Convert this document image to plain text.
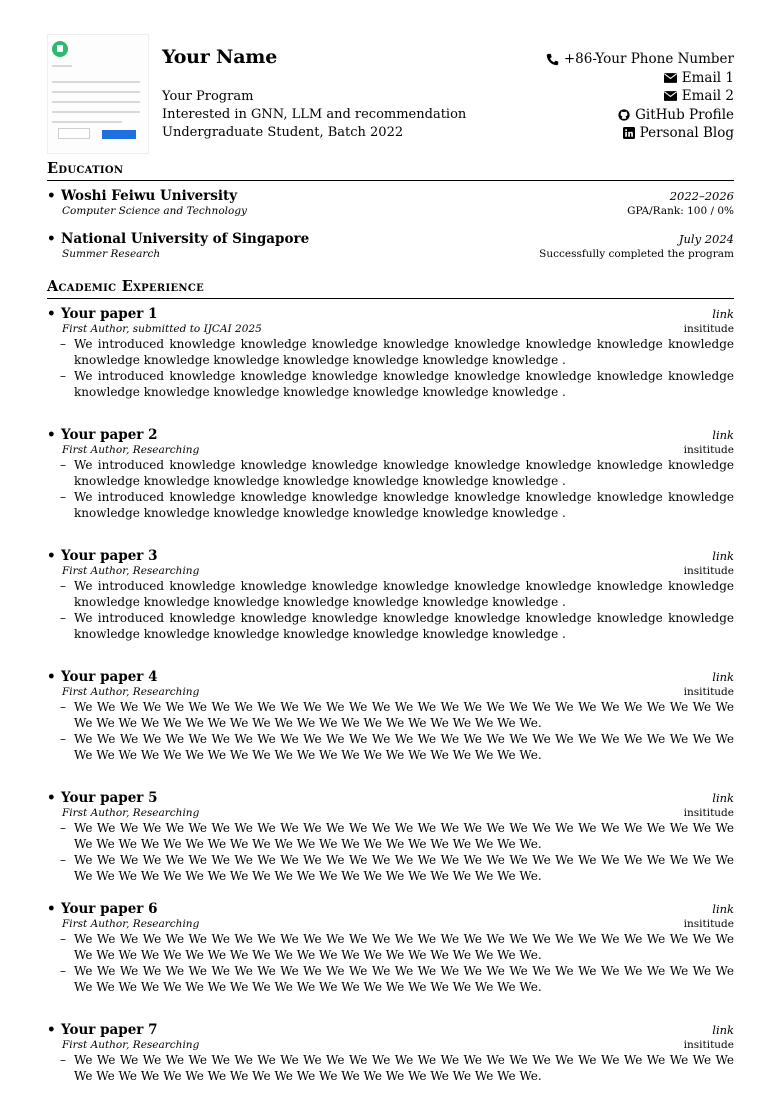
Your Name
Your Program
Interested in GNN, LLM and recommendation
Undergraduate Student, Batch 2022
+86-Your Phone Number
Email 1
Email 2
GitHub Profile
Personal Blog
Education
• Woshi Feiwu University	2022–2026
Computer Science and Technology	GPA/Rank: 100 / 0%
• National University of Singapore	July 2024
Summer Research	Successfully completed the program
Academic Experience
• Your paper 1	link
First Author, submitted to IJCAI 2025	insititude
– We introduced knowledge knowledge knowledge knowledge knowledge knowledge knowledge knowledge knowledge knowledge knowledge knowledge knowledge knowledge knowledge .
– We introduced knowledge knowledge knowledge knowledge knowledge knowledge knowledge knowledge knowledge knowledge knowledge knowledge knowledge knowledge knowledge .
• Your paper 2	link
First Author, Researching	insititude
– We introduced knowledge knowledge knowledge knowledge knowledge knowledge knowledge knowledge knowledge knowledge knowledge knowledge knowledge knowledge knowledge .
– We introduced knowledge knowledge knowledge knowledge knowledge knowledge knowledge knowledge knowledge knowledge knowledge knowledge knowledge knowledge knowledge .
• Your paper 3	link
First Author, Researching	insititude
– We introduced knowledge knowledge knowledge knowledge knowledge knowledge knowledge knowledge knowledge knowledge knowledge knowledge knowledge knowledge knowledge .
– We introduced knowledge knowledge knowledge knowledge knowledge knowledge knowledge knowledge knowledge knowledge knowledge knowledge knowledge knowledge knowledge .
• Your paper 4	link
First Author, Researching	insititude
– We We We We We We We We We We We We We We We We We We We We We We We We We We We We We We We We We We We We We We We We We We We We We We We We We We.
– We We We We We We We We We We We We We We We We We We We We We We We We We We We We We We We We We We We We We We We We We We We We We We We We We We.
• Your paper 5	link
First Author, Researching	insititude
– We We We We We We We We We We We We We We We We We We We We We We We We We We We We We We We We We We We We We We We We We We We We We We We We We We.
– We We We We We We We We We We We We We We We We We We We We We We We We We We We We We We We We We We We We We We We We We We We We We We We We We We.
• Your paper 6	link
First Author, Researching	insititude
– We We We We We We We We We We We We We We We We We We We We We We We We We We We We We We We We We We We We We We We We We We We We We We We We We We.
– We We We We We We We We We We We We We We We We We We We We We We We We We We We We We We We We We We We We We We We We We We We We We We We We We We.
• Your paper 7	link
First Author, Researching	insititude
– We We We We We We We We We We We We We We We We We We We We We We We We We We We We We We We We We We We We We We We We We We We We We We We We We We.
